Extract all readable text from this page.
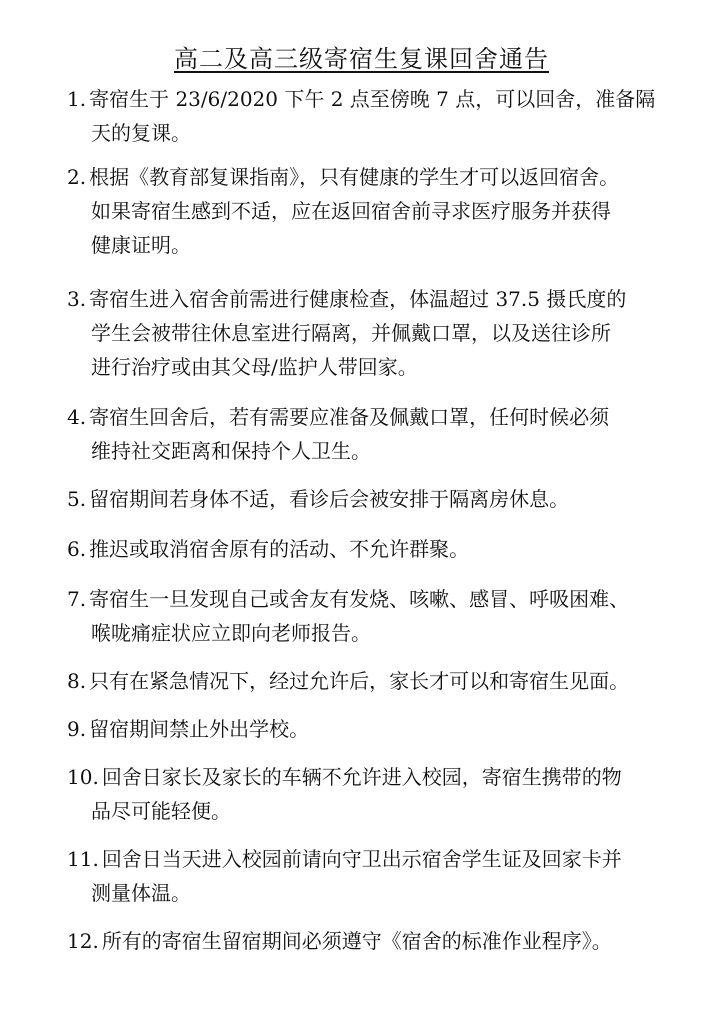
高二及高三级寄宿生复课回舍通告
1. 寄宿生于 23/6/2020 下午 2 点至傍晚 7 点，可以回舍，准备隔
天的复课。
2. 根据《教育部复课指南》，只有健康的学生才可以返回宿舍。
如果寄宿生感到不适，应在返回宿舍前寻求医疗服务并获得
健康证明。
3. 寄宿生进入宿舍前需进行健康检查，体温超过 37.5 摄氏度的
学生会被带往休息室进行隔离，并佩戴口罩，以及送往诊所
进行治疗或由其父母/监护人带回家。
4. 寄宿生回舍后，若有需要应准备及佩戴口罩，任何时候必须
维持社交距离和保持个人卫生。
5. 留宿期间若身体不适，看诊后会被安排于隔离房休息。
6. 推迟或取消宿舍原有的活动、不允许群聚。
7. 寄宿生一旦发现自己或舍友有发烧、咳嗽、感冒、呼吸困难、
喉咙痛症状应立即向老师报告。
8. 只有在紧急情况下，经过允许后，家长才可以和寄宿生见面。
9. 留宿期间禁止外出学校。
10. 回舍日家长及家长的车辆不允许进入校园，寄宿生携带的物
品尽可能轻便。
11. 回舍日当天进入校园前请向守卫出示宿舍学生证及回家卡并
测量体温。
12. 所有的寄宿生留宿期间必须遵守《宿舍的标准作业程序》。
